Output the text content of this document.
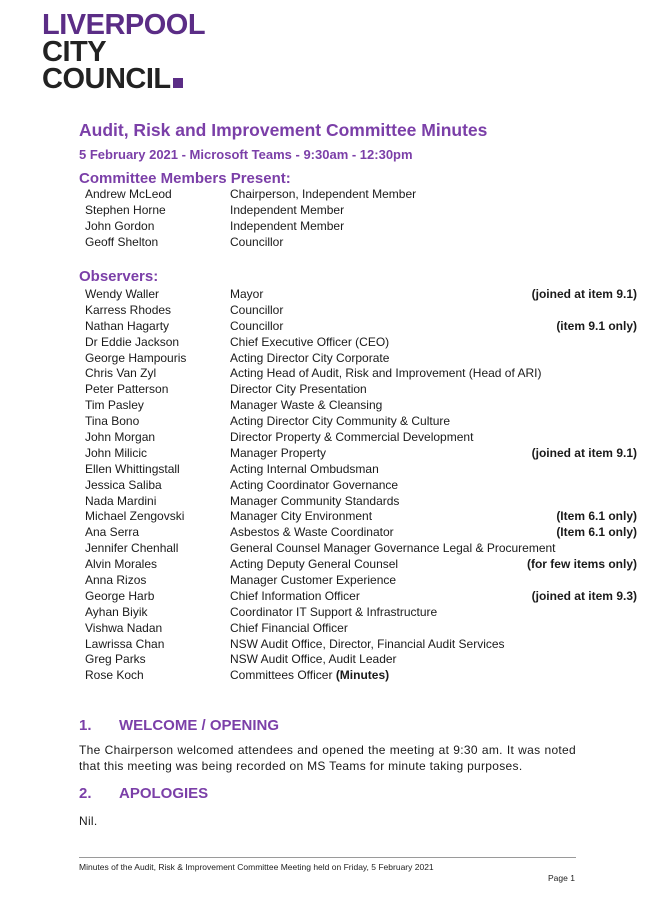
LIVERPOOL
CITY
COUNCIL
Audit, Risk and Improvement Committee Minutes
5 February 2021 - Microsoft Teams - 9:30am - 12:30pm
Committee Members Present:
Andrew McLeod	Chairperson, Independent Member
Stephen Horne	Independent Member
John Gordon	Independent Member
Geoff Shelton	Councillor
Observers:
Wendy Waller	Mayor	(joined at item 9.1)
Karress Rhodes	Councillor
Nathan Hagarty	Councillor	(item 9.1 only)
Dr Eddie Jackson	Chief Executive Officer (CEO)
George Hampouris	Acting Director City Corporate
Chris Van Zyl	Acting Head of Audit, Risk and Improvement (Head of ARI)
Peter Patterson	Director City Presentation
Tim Pasley	Manager Waste & Cleansing
Tina Bono	Acting Director City Community & Culture
John Morgan	Director Property & Commercial Development
John Milicic	Manager Property	(joined at item 9.1)
Ellen Whittingstall	Acting Internal Ombudsman
Jessica Saliba	Acting Coordinator Governance
Nada Mardini	Manager Community Standards
Michael Zengovski	Manager City Environment	(Item 6.1 only)
Ana Serra	Asbestos & Waste Coordinator	(Item 6.1 only)
Jennifer Chenhall	General Counsel Manager Governance Legal & Procurement
Alvin Morales	Acting Deputy General Counsel	(for few items only)
Anna Rizos	Manager Customer Experience
George Harb	Chief Information Officer	(joined at item 9.3)
Ayhan Biyik	Coordinator IT Support & Infrastructure
Vishwa Nadan	Chief Financial Officer
Lawrissa Chan	NSW Audit Office, Director, Financial Audit Services
Greg Parks	NSW Audit Office, Audit Leader
Rose Koch	Committees Officer (Minutes)
1. WELCOME / OPENING
The Chairperson welcomed attendees and opened the meeting at 9:30 am. It was noted that this meeting was being recorded on MS Teams for minute taking purposes.
2. APOLOGIES
Nil.
Minutes of the Audit, Risk & Improvement Committee Meeting held on Friday, 5 February 2021
Page 1
